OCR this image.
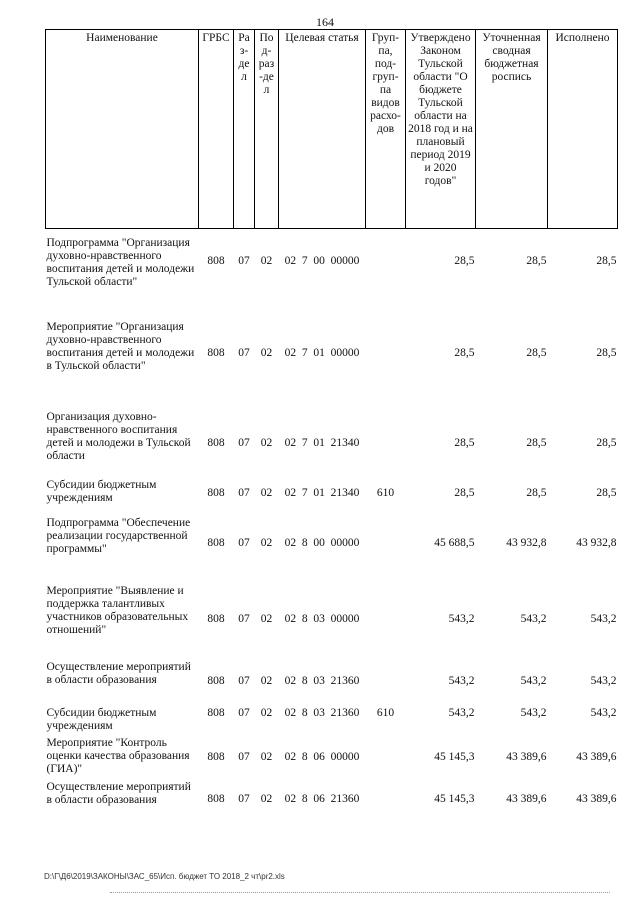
164
Наименование	ГРБС	Раз-дел	Под-раз-дел	Целевая статья	Груп-па, под-груп-па видов расхо-дов	Утверждено Законом Тульской области "О бюджете Тульской области на 2018 год и на плановый период 2019 и 2020 годов"	Уточненная сводная бюджетная роспись	Исполнено
Подпрограмма "Организация духовно-нравственного воспитания детей и молодежи Тульской области"	808	07	02	02  7  00  00000		28,5	28,5	28,5
Мероприятие "Организация духовно-нравственного воспитания детей и молодежи в Тульской области"	808	07	02	02  7  01  00000		28,5	28,5	28,5
Организация духовно-нравственного воспитания детей и молодежи в Тульской области	808	07	02	02  7  01  21340		28,5	28,5	28,5
Субсидии бюджетным учреждениям	808	07	02	02  7  01  21340	610	28,5	28,5	28,5
Подпрограмма "Обеспечение реализации государственной программы"	808	07	02	02  8  00  00000		45 688,5	43 932,8	43 932,8
Мероприятие "Выявление и поддержка талантливых участников образовательных отношений"	808	07	02	02  8  03  00000		543,2	543,2	543,2
Осуществление мероприятий в области образования	808	07	02	02  8  03  21360		543,2	543,2	543,2
Субсидии бюджетным учреждениям	808	07	02	02  8  03  21360	610	543,2	543,2	543,2
Мероприятие "Контроль оценки качества образования (ГИА)"	808	07	02	02  8  06  00000		45 145,3	43 389,6	43 389,6
Осуществление мероприятий в области образования	808	07	02	02  8  06  21360		45 145,3	43 389,6	43 389,6
D:\Г\Д6\2019\ЗАКОНЫ\ЗАС_65\Исп. бюджет ТО 2018_2 чт\pr2.xls
